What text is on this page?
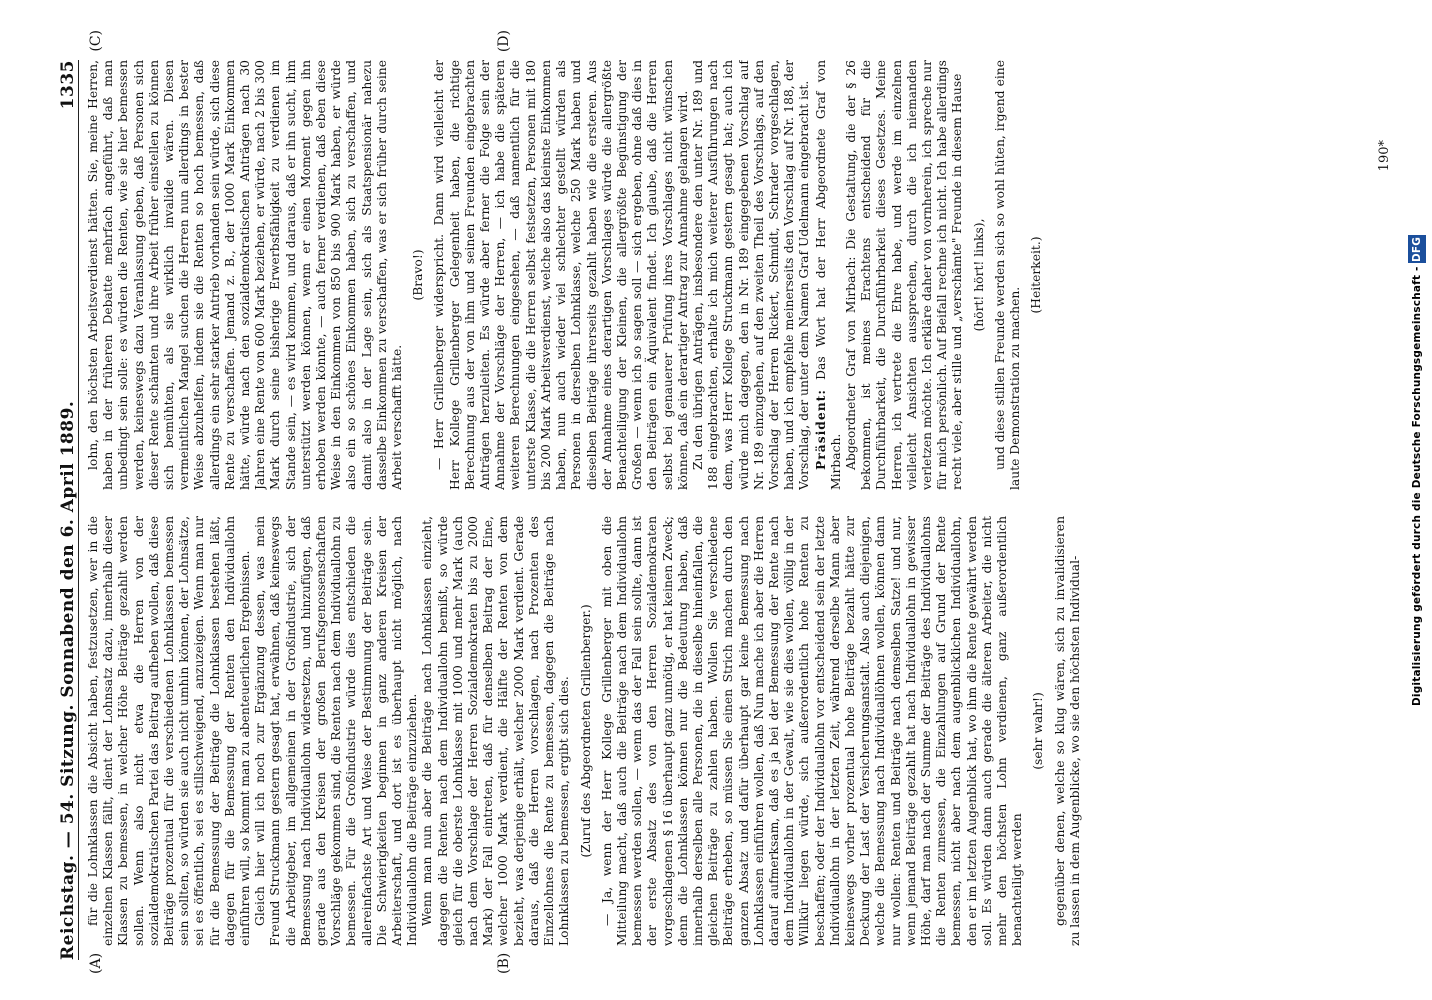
Reichstag. — 54. Sitzung. Sonnabend den 6. April 1889.
1335
(A)	(B)
(C)	(D)

für die Lohnklassen die Absicht haben, festzusetzen, wer in die einzelnen Klassen fällt, dient der Lohnsatz dazu, innerhalb dieser Klassen zu bemessen, in welcher Höhe Beiträge gezahlt werden sollen. Wenn also nicht etwa die Herren von der sozialdemokratischen Partei das Beitrag aufheben wollen, daß diese Beiträge prozentual für die verschiedenen Lohnklassen bemessen sein sollten, so würden sie auch nicht umhin können, der Lohnsätze, sei es öffentlich, sei es stillschweigend, anzuzeigen. Wenn man nur für die Bemessung der Beiträge die Lohnklassen bestehen läßt, dagegen für die Bemessung der Renten den Individuallohn einführen will, so kommt man zu abenteuerlichen Ergebnissen. Gleich hier will ich noch zur Ergänzung dessen, was mein Freund Struckmann gestern gesagt hat, erwähnen, daß keineswegs die Arbeitgeber, im allgemeinen in der Großindustrie, sich der Bemessung nach Individuallohn widersetzen, und hinzufügen, daß gerade aus den Kreisen der großen Berufsgenossenschaften Vorschläge gekommen sind, die Renten nach dem Individuallohn zu bemessen. Für die Großindustrie würde dies entschieden die allereinfachste Art und Weise der Bestimmung der Beiträge sein. Die Schwierigkeiten beginnen in ganz anderen Kreisen der Arbeiterschaft, und dort ist es überhaupt nicht möglich, nach Individuallohn die Beiträge einzuziehen. Wenn man nun aber die Beiträge nach Lohnklassen einzieht, dagegen die Renten nach dem Individuallohn bemißt, so würde gleich für die oberste Lohnklasse mit 1000 und mehr Mark (auch nach dem Vorschlage der Herren Sozialdemokraten bis zu 2000 Mark) der Fall eintreten, daß für denselben Beitrag der Eine, welcher 1000 Mark verdient, die Hälfte der Renten von dem bezieht, was derjenige erhält, welcher 2000 Mark verdient. Gerade daraus, daß die Herren vorschlagen, nach Prozenten des Einzellohnes die Rente zu bemessen, dagegen die Beiträge nach Lohnklassen zu bemessen, ergibt sich dies. (Zuruf des Abgeordneten Grillenberger.) — Ja, wenn der Herr Kollege Grillenberger mit oben die Mitteilung macht, daß auch die Beiträge nach dem Individuallohn bemessen werden sollen, — wenn das der Fall sein sollte, dann ist der erste Absatz des von den Herren Sozialdemokraten vorgeschlagenen § 16 überhaupt ganz unnötig, er hat keinen Zweck; denn die Lohnklassen können nur die Bedeutung haben, daß innerhalb derselben alle Personen, die in dieselbe hineinfallen, die gleichen Beiträge zu zahlen haben. Wollen Sie verschiedene Beiträge erheben, so müssen Sie einen Strich machen durch den ganzen Absatz und dafür überhaupt gar keine Bemessung nach Lohnklassen einführen wollen, daß Nun mache ich aber die Herren darauf aufmerksam, daß es ja bei der Bemessung der Rente nach dem Individuallohn in der Gewalt, wie sie dies wollen, völlig in der Willkür liegen würde, sich außerordentlich hohe Renten zu beschaffen; oder der Individuallohn vor entscheidend sein der letzte Individuallohn in der letzten Zeit, während derselbe Mann aber keineswegs vorher prozentual hohe Beiträge bezahlt hätte zur Deckung der Last der Versicherungsanstalt. Also auch diejenigen, welche die Bemessung nach Individuallöhnen wollen, können dann nur wollen: Renten und Beiträge nach demselben Satze! und nur, wenn jemand Beiträge gezahlt hat nach Individuallohn in gewisser Höhe, darf man nach der Summe der Beiträge des Individuallohns die Renten zumessen, die Einzahlungen auf Grund der Rente bemessen, nicht aber nach dem augenblicklichen Individuallohn, den er im letzten Augenblick hat, wo ihm die Rente gewährt werden soll. Es würden dann auch gerade die älteren Arbeiter, die nicht mehr den höchsten Lohn verdienen, ganz außerordentlich benachteiligt werden

(sehr wahr!) gegenüber denen, welche so klug wären, sich zu invalidisieren zu lassen in dem Augenblicke, wo sie den höchsten Individual-

lohn, den höchsten Arbeitsverdienst hätten. Sie, meine Herren, haben in der früheren Debatte mehrfach angeführt, daß man unbedingt sein solle: es würden die Renten, wie sie hier bemessen werden, keineswegs dazu Veranlassung geben, daß Personen sich dieser Rente schämten und ihre Arbeit früher einstellen zu können sich bemühten, als sie wirklich invalide wären. Diesen vermeintlichen Mangel suchen die Herren nun allerdings in bester Weise abzuhelfen, indem sie die Renten so hoch bemessen, daß allerdings ein sehr starker Antrieb vorhanden sein würde, sich diese Rente zu verschaffen. Jemand z. B., der 1000 Mark Einkommen hätte, würde nach den sozialdemokratischen Anträgen nach 30 Jahren eine Rente von 600 Mark beziehen, er würde, nach 2 bis 300 Mark durch seine bisherige Erwerbsfähigkeit zu verdienen im Stande sein, — es wird kommen, und daraus, daß er ihn sucht, ihm unterstützt werden können, wenn er einen Moment gegen ihn erhoben werden könnte, — auch ferner verdienen, daß eben diese Weise in den Einkommen von 850 bis 900 Mark haben, er würde also ein so schönes Einkommen haben, sich zu verschaffen, und damit also in der Lage sein, sich als Staatspensionär nahezu dasselbe Einkommen zu verschaffen, was er sich früher durch seine Arbeit verschafft hätte.

(Bravo!) — Herr Grillenberger widerspricht. Dann wird vielleicht der Herr Kollege Grillenberger Gelegenheit haben, die richtige Berechnung aus der von ihm und seinen Freunden eingebrachten Anträgen herzuleiten. Es würde aber ferner die Folge sein der Annahme der Vorschläge der Herren, — ich habe die späteren weiteren Berechnungen eingesehen, — daß namentlich für die unterste Klasse, die die Herren selbst festsetzen, Personen mit 180 bis 200 Mark Arbeitsverdienst, welche also das kleinste Einkommen haben, nun auch wieder viel schlechter gestellt würden als Personen in derselben Lohnklasse, welche 250 Mark haben und dieselben Beiträge ihrerseits gezahlt haben wie die ersteren. Aus der Annahme eines derartigen Vorschlages würde die allergrößte Benachteiligung der Kleinen, die allergrößte Begünstigung der Großen — wenn ich so sagen soll — sich ergeben, ohne daß dies in den Beiträgen ein Äquivalent findet. Ich glaube, daß die Herren selbst bei genauerer Prüfung ihres Vorschlages nicht wünschen können, daß ein derartiger Antrag zur Annahme gelangen wird. Zu den übrigen Anträgen, insbesondere den unter Nr. 189 und 188 eingebrachten, erhalte ich mich weiterer Ausführungen nach dem, was Herr Kollege Struckmann gestern gesagt hat; auch ich würde mich dagegen, den in Nr. 189 eingegebenen Vorschlag auf Nr. 189 einzugehen, auf den zweiten Theil des Vorschlags, auf den Vorschlag der Herren Rickert, Schmidt, Schrader vorgeschlagen, haben, und ich empfehle meinerseits den Vorschlag auf Nr. 188, der Vorschlag, der unter dem Namen Graf Udelmann eingebracht ist. Präsident: Das Wort hat der Herr Abgeordnete Graf von Mirbach. Abgeordneter Graf von Mirbach: Die Gestaltung, die der § 26 bekommen, ist meines Erachtens entscheidend für die Durchführbarkeit, die Durchführbarkeit dieses Gesetzes. Meine Herren, ich vertrete die Ehre habe, und werde im einzelnen vielleicht Ansichten aussprechen, durch die ich niemanden verletzen möchte. Ich erkläre daher von vornherein, ich spreche nur für mich persönlich. Auf Beifall rechne ich nicht. Ich habe allerdings recht viele, aber stille und „verschämte" Freunde in diesem Hause (hört! hört! links), und diese stillen Freunde werden sich so wohl hüten, irgend eine laute Demonstration zu machen.

(Heiterkeit.)

190*
Digitalisierung gefördert durch die Deutsche Forschungsgemeinschaft - DFG
